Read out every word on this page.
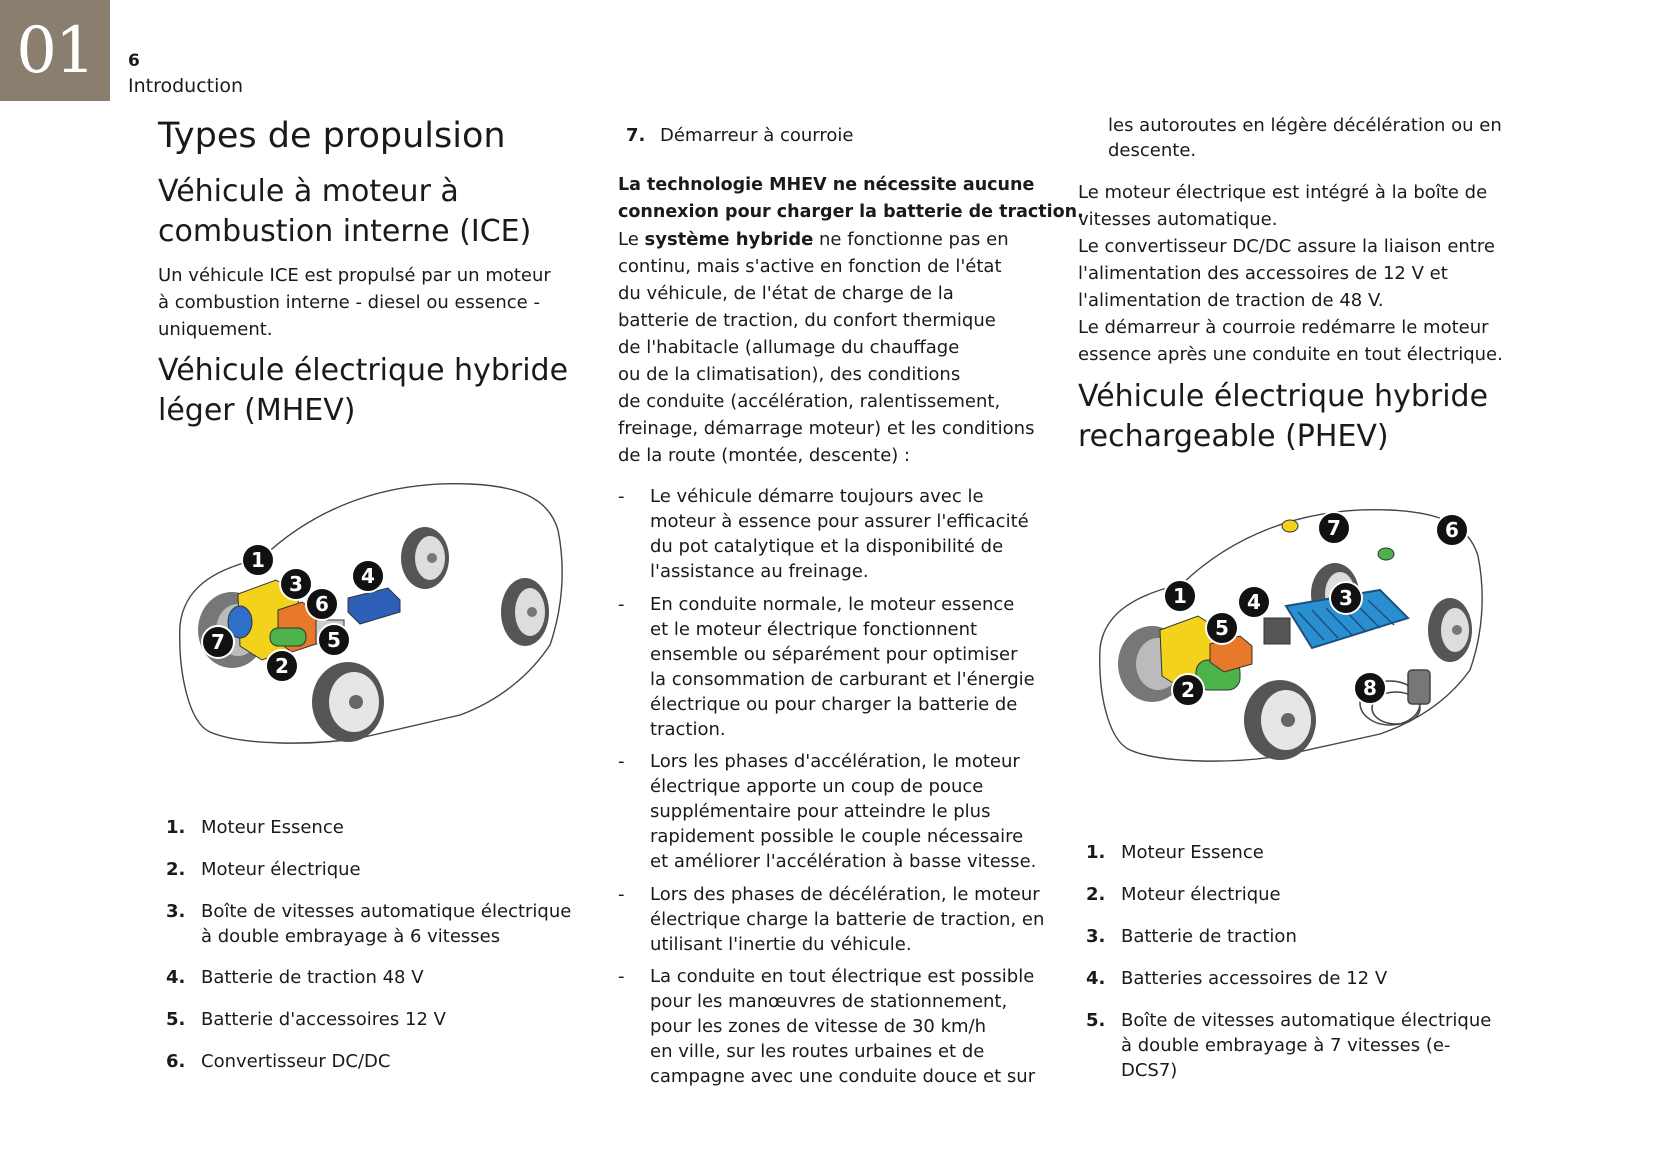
01 6
Introduction
Types de propulsion
Véhicule à moteur à
combustion interne (ICE)

Un véhicule ICE est propulsé par un moteur
à combustion interne - diesel ou essence -
uniquement.

Véhicule électrique hybride
léger (MHEV)
1. Moteur Essence
2. Moteur électrique
3. Boîte de vitesses automatique électrique
à double embrayage à 6 vitesses
4. Batterie de traction 48 V
5. Batterie d'accessoires 12 V
6. Convertisseur DC/DC
1
2
3	4
5
6
7
7. Démarreur à courroie

La technologie MHEV ne nécessite aucune
connexion pour charger la batterie de traction.

Le système hybride ne fonctionne pas en
continu, mais s'active en fonction de l'état
du véhicule, de l'état de charge de la
batterie de traction, du confort thermique
de l'habitacle (allumage du chauffage
ou de la climatisation), des conditions
de conduite (accélération, ralentissement,
freinage, démarrage moteur) et les conditions
de la route (montée, descente) :

- Le véhicule démarre toujours avec le
moteur à essence pour assurer l'efficacité
du pot catalytique et la disponibilité de
l'assistance au freinage.
- En conduite normale, le moteur essence
et le moteur électrique fonctionnent
ensemble ou séparément pour optimiser
la consommation de carburant et l'énergie
électrique ou pour charger la batterie de
traction.
- Lors les phases d'accélération, le moteur
électrique apporte un coup de pouce
supplémentaire pour atteindre le plus
rapidement possible le couple nécessaire
et améliorer l'accélération à basse vitesse.
- Lors des phases de décélération, le moteur
électrique charge la batterie de traction, en
utilisant l'inertie du véhicule.
- La conduite en tout électrique est possible
pour les manœuvres de stationnement,
pour les zones de vitesse de 30 km/h
en ville, sur les routes urbaines et de
campagne avec une conduite douce et sur

les autoroutes en légère décélération ou en
descente.

Le moteur électrique est intégré à la boîte de
vitesses automatique.
Le convertisseur DC/DC assure la liaison entre
l'alimentation des accessoires de 12 V et
l'alimentation de traction de 48 V.
Le démarreur à courroie redémarre le moteur
essence après une conduite en tout électrique.

Véhicule électrique hybride
rechargeable (PHEV)
1. Moteur Essence
2. Moteur électrique
3. Batterie de traction
4. Batteries accessoires de 12 V
5. Boîte de vitesses automatique électrique
à double embrayage à 7 vitesses (e-
DCS7)
1
2
3
4
5
6
8
7
